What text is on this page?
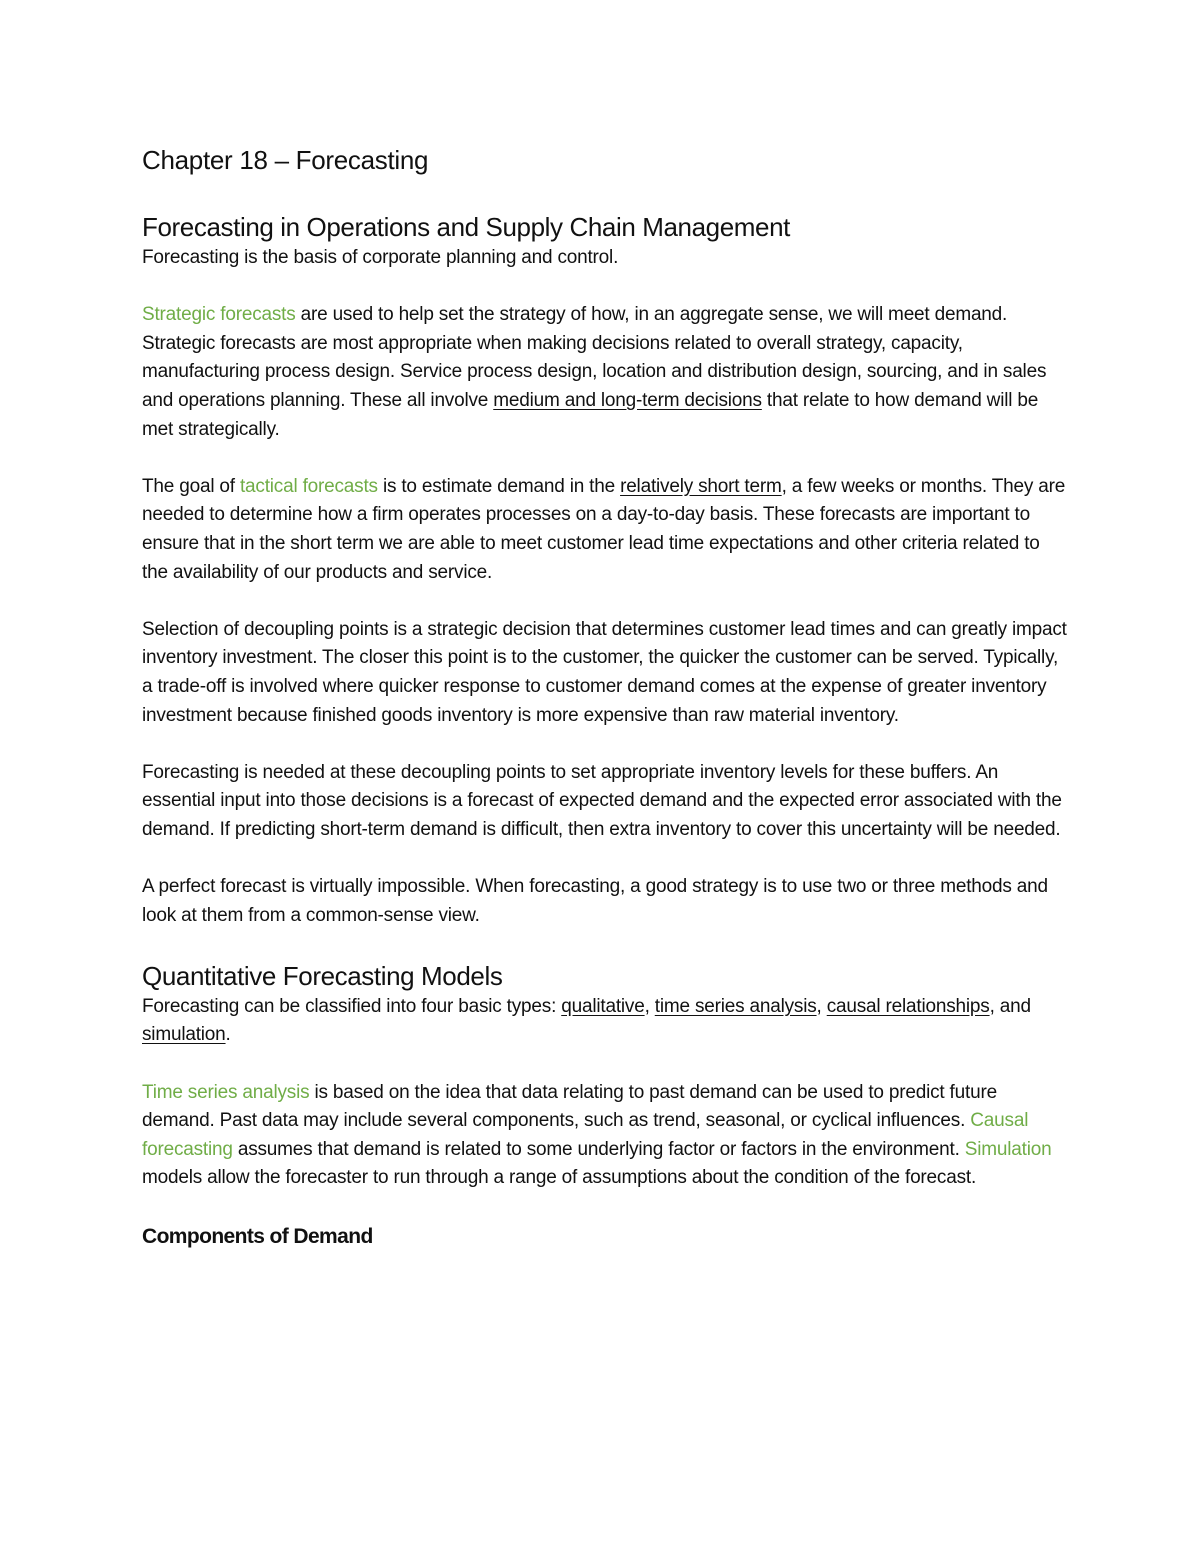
Chapter 18 – Forecasting
Forecasting in Operations and Supply Chain Management

Forecasting is the basis of corporate planning and control.

Strategic forecasts are used to help set the strategy of how, in an aggregate sense, we will meet demand. Strategic forecasts are most appropriate when making decisions related to overall strategy, capacity, manufacturing process design. Service process design, location and distribution design, sourcing, and in sales and operations planning. These all involve medium and long-term decisions that relate to how demand will be met strategically.

The goal of tactical forecasts is to estimate demand in the relatively short term, a few weeks or months. They are needed to determine how a firm operates processes on a day-to-day basis. These forecasts are important to ensure that in the short term we are able to meet customer lead time expectations and other criteria related to the availability of our products and service.

Selection of decoupling points is a strategic decision that determines customer lead times and can greatly impact inventory investment. The closer this point is to the customer, the quicker the customer can be served. Typically, a trade-off is involved where quicker response to customer demand comes at the expense of greater inventory investment because finished goods inventory is more expensive than raw material inventory.

Forecasting is needed at these decoupling points to set appropriate inventory levels for these buffers. An essential input into those decisions is a forecast of expected demand and the expected error associated with the demand. If predicting short-term demand is difficult, then extra inventory to cover this uncertainty will be needed.

A perfect forecast is virtually impossible. When forecasting, a good strategy is to use two or three methods and look at them from a common-sense view.

Quantitative Forecasting Models

Forecasting can be classified into four basic types: qualitative, time series analysis, causal relationships, and simulation.

Time series analysis is based on the idea that data relating to past demand can be used to predict future demand. Past data may include several components, such as trend, seasonal, or cyclical influences. Causal forecasting assumes that demand is related to some underlying factor or factors in the environment. Simulation models allow the forecaster to run through a range of assumptions about the condition of the forecast.

Components of Demand
